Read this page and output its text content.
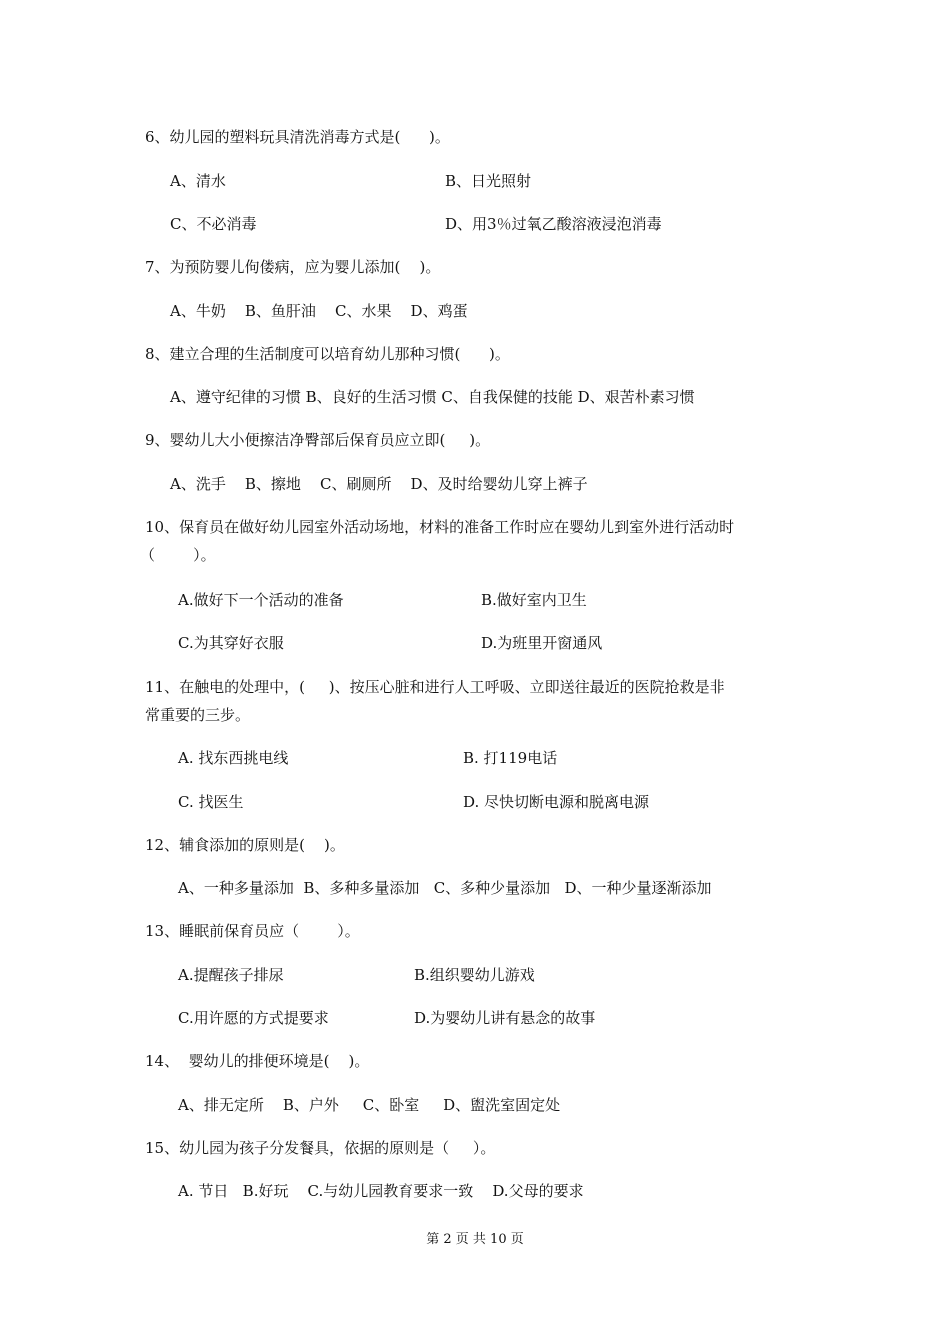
6、幼儿园的塑料玩具清洗消毒方式是(      )。
A、清水	B、日光照射
C、不必消毒	D、用3％过氧乙酸溶液浸泡消毒
7、为预防婴儿佝偻病，应为婴儿添加(    )。
A、牛奶    B、鱼肝油    C、水果    D、鸡蛋
8、建立合理的生活制度可以培育幼儿那种习惯(      )。
A、遵守纪律的习惯 B、良好的生活习惯 C、自我保健的技能 D、艰苦朴素习惯
9、婴幼儿大小便擦洁净臀部后保育员应立即(     )。
A、洗手    B、擦地    C、刷厕所    D、及时给婴幼儿穿上裤子
10、保育员在做好幼儿园室外活动场地，材料的准备工作时应在婴幼儿到室外进行活动时
（        ）。
A.做好下一个活动的准备	B.做好室内卫生
C.为其穿好衣服	D.为班里开窗通风
11、在触电的处理中，(     )、按压心脏和进行人工呼吸、立即送往最近的医院抢救是非
常重要的三步。
A. 找东西挑电线	B. 打119电话
C. 找医生	D. 尽快切断电源和脱离电源
12、辅食添加的原则是(    )。
A、一种多量添加  B、多种多量添加   C、多种少量添加   D、一种少量逐渐添加
13、睡眠前保育员应（        ）。
A.提醒孩子排尿	B.组织婴幼儿游戏
C.用许愿的方式提要求	D.为婴幼儿讲有悬念的故事
14、  婴幼儿的排便环境是(    )。
A、排无定所    B、户外     C、卧室     D、盥洗室固定处
15、幼儿园为孩子分发餐具，依据的原则是（     ）。
A. 节日   B.好玩    C.与幼儿园教育要求一致    D.父母的要求
第 2 页 共 10 页
